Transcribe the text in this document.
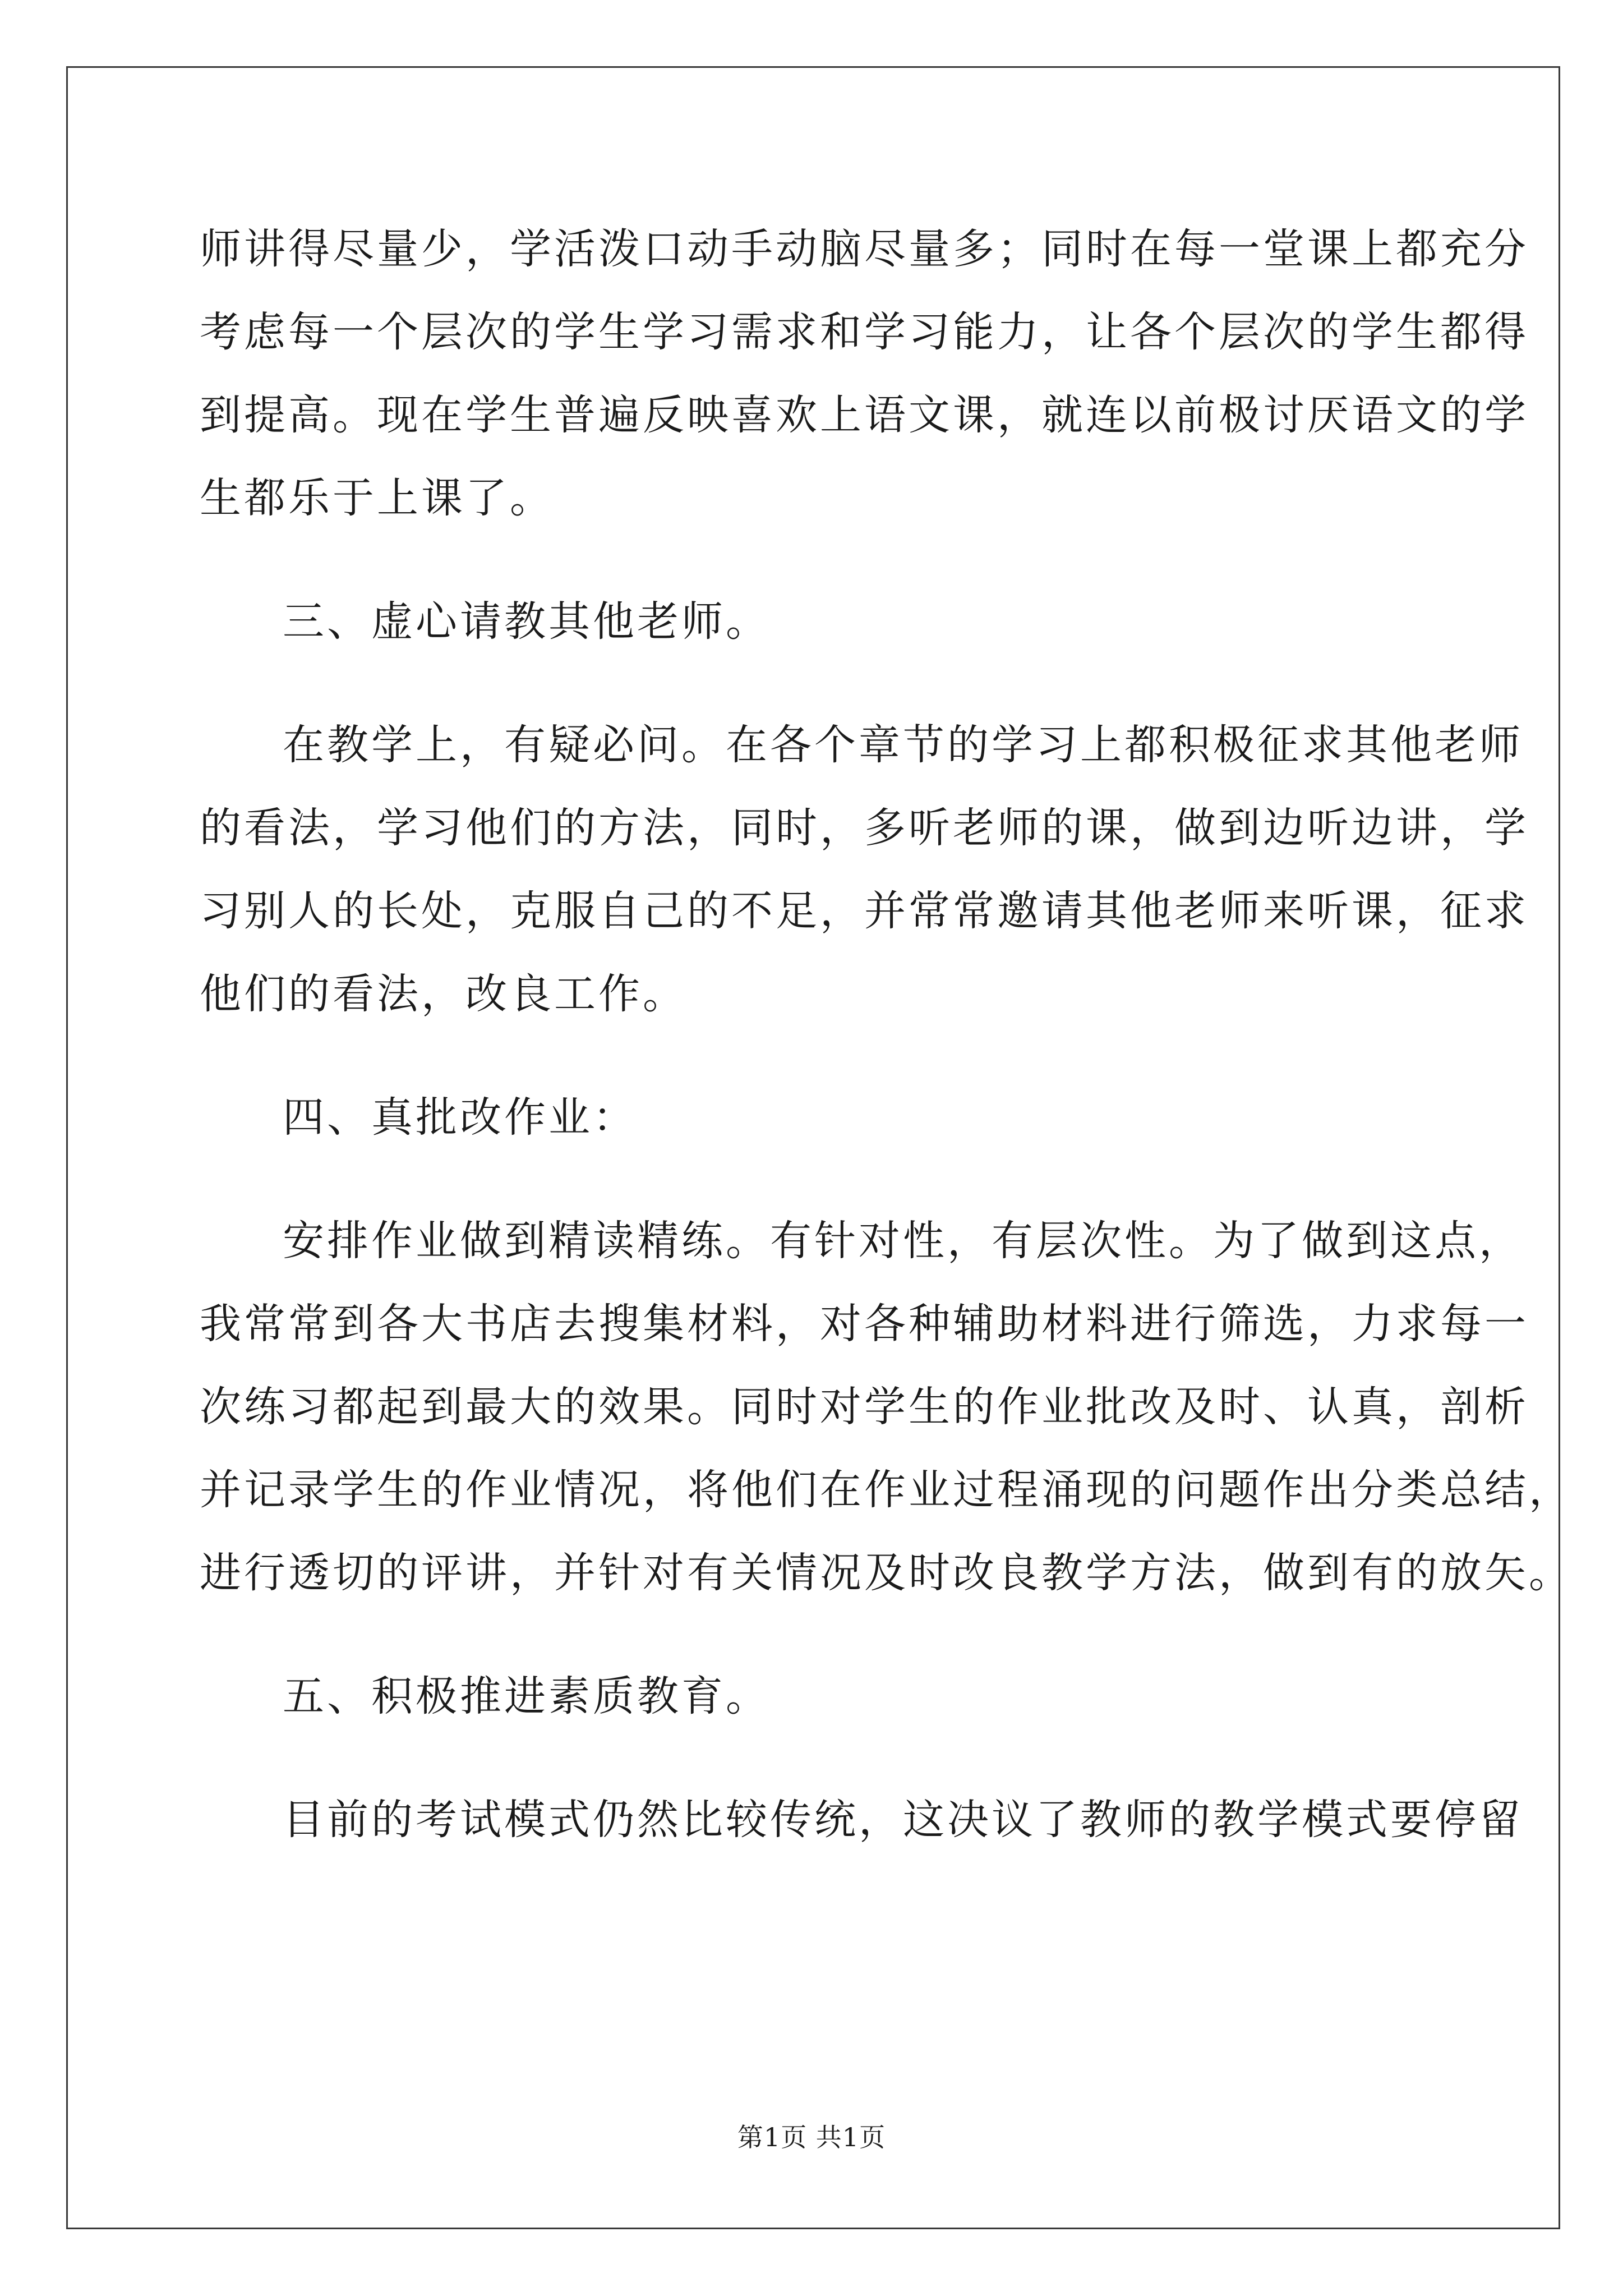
师讲得尽量少，学活泼口动手动脑尽量多；同时在每一堂课上都充分
考虑每一个层次的学生学习需求和学习能力，让各个层次的学生都得
到提高。现在学生普遍反映喜欢上语文课，就连以前极讨厌语文的学
生都乐于上课了。
三、虚心请教其他老师。
在教学上，有疑必问。在各个章节的学习上都积极征求其他老师
的看法，学习他们的方法，同时，多听老师的课，做到边听边讲，学
习别人的长处，克服自己的不足，并常常邀请其他老师来听课，征求
他们的看法，改良工作。
四、真批改作业：
安排作业做到精读精练。有针对性，有层次性。为了做到这点，
我常常到各大书店去搜集材料，对各种辅助材料进行筛选，力求每一
次练习都起到最大的效果。同时对学生的作业批改及时、认真，剖析
并记录学生的作业情况，将他们在作业过程涌现的问题作出分类总结，
进行透切的评讲，并针对有关情况及时改良教学方法，做到有的放矢。
五、积极推进素质教育。
目前的考试模式仍然比较传统，这决议了教师的教学模式要停留
第1页 共1页
